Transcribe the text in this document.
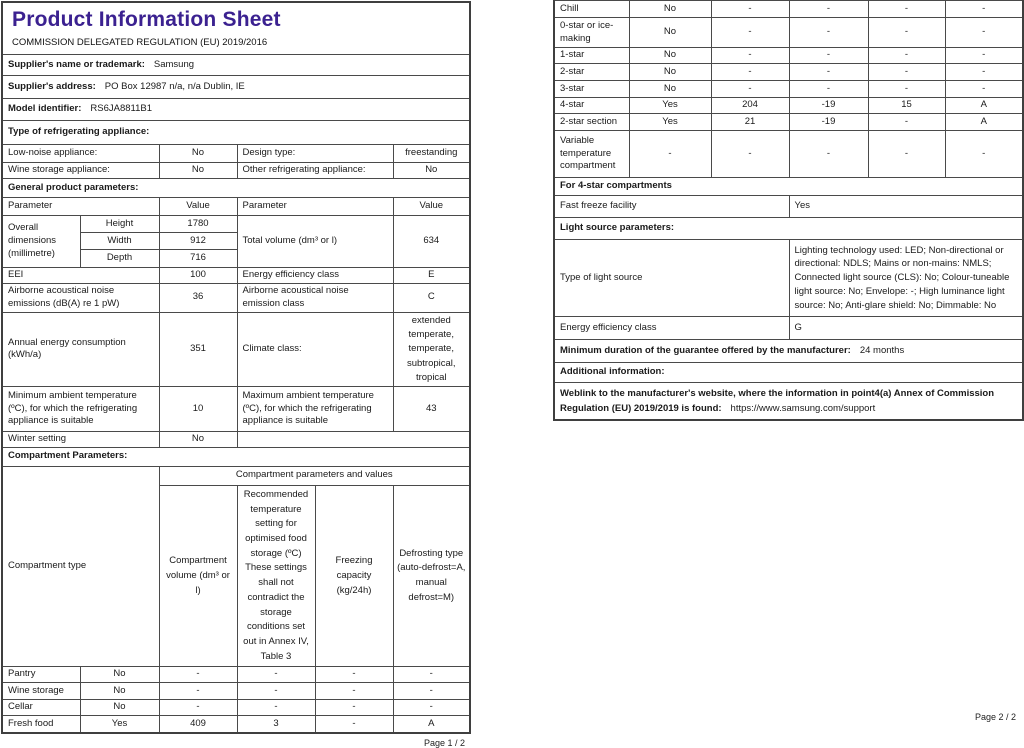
Product Information Sheet
COMMISSION DELEGATED REGULATION (EU) 2019/2016					

Supplier's name or trademark: Samsung					
Supplier's address: PO Box 12987 n/a, n/a Dublin, IE					
Model identifier: RS6JA8811B1					
Type of refrigerating appliance:					
Low-noise appliance:		No	Design type:		freestanding
Wine storage appliance:		No	Other refrigerating appliance:		No
General product parameters:					
Parameter		Value	Parameter		Value
Overall dimensions (millimetre)	Height	1780	Total volume (dm³ or l)		634
	Width	912			
	Depth	716			
EEI		100	Energy efficiency class		E
Airborne acoustical noise emissions (dB(A) re 1 pW)		36	Airborne acoustical noise emission class		C
Annual energy consumption (kWh/a)		351	Climate class:		extended temperate, temperate, subtropical, tropical
Minimum ambient temperature (ºC), for which the refrigerating appliance is suitable		10	Maximum ambient temperature (ºC), for which the refrigerating appliance is suitable		43
Winter setting		No			
Compartment Parameters:					
Compartment type		Compartment parameters and values			
		Compartment volume (dm³ or l)	Recommended temperature setting for optimised food storage (ºC) These settings shall not contradict the storage conditions set out in Annex IV, Table 3	Freezing capacity (kg/24h)	Defrosting type (auto-defrost=A, manual defrost=M)
Pantry	No	-	-	-	-
Wine storage	No	-	-	-	-
Cellar	No	-	-	-	-
Fresh food	Yes	409	3	-	A
Page 1 / 2
Chill	No	-	-	-	-
0-star or ice-making	No	-	-	-	-
1-star	No	-	-	-	-
2-star	No	-	-	-	-
3-star	No	-	-	-	-
4-star	Yes	204	-19	15	A
2-star section	Yes	21	-19	-	A
Variable temperature compartment	-	-	-	-	-
For 4-star compartments					
Fast freeze facility			Yes		
Light source parameters:					
Type of light source			Lighting technology used: LED; Non-directional or directional: NDLS; Mains or non-mains: NMLS; Connected light source (CLS): No; Colour-tuneable light source: No; Envelope: -; High luminance light source: No; Anti-glare shield: No; Dimmable: No		
Energy efficiency class			G		
Minimum duration of the guarantee offered by the manufacturer: 24 months					
Additional information:					
Weblink to the manufacturer's website, where the information in point4(a) Annex of Commission Regulation (EU) 2019/2019 is found: https://www.samsung.com/support					
Page 2 / 2
